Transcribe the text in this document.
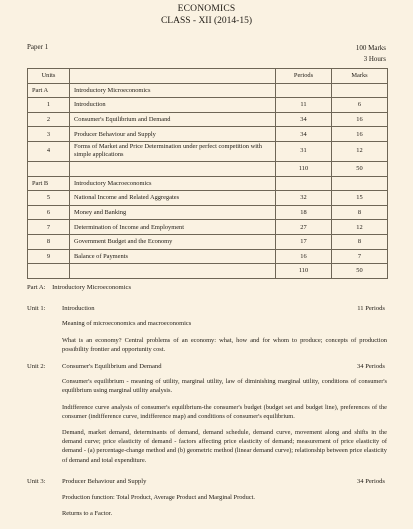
ECONOMICS
CLASS - XII (2014-15)
Paper 1	100 Marks
3 Hours
Units		Periods	Marks
Part A	Introductory Microeconomics		
1	Introduction	11	6
2	Consumer's Equilibrium and Demand	34	16
3	Producer Behaviour and Supply	34	16
4	Forms of Market and Price Determination under perfect competition with simple applications	31	12
		110	50
Part B	Introductory Macroeconomics		
5	National Income and Related Aggregates	32	15
6	Money and Banking	18	8
7	Determination of Income and Employment	27	12
8	Government Budget and the Economy	17	8
9	Balance of Payments	16	7
		110	50
Part A: Introductory Microeconomics
Unit 1:	Introduction	11 Periods
Meaning of microeconomics and macroeconomics
What is an economy? Central problems of an economy: what, how and for whom to produce; concepts of production possibility frontier and opportunity cost.
Unit 2:	Consumer's Equilibrium and Demand	34 Periods
Consumer's equilibrium - meaning of utility, marginal utility, law of diminishing marginal utility, conditions of consumer's equilibrium using marginal utility analysis.
Indifference curve analysis of consumer's equilibrium-the consumer's budget (budget set and budget line), preferences of the consumer (indifference curve, indifference map) and conditions of consumer's equilibrium.
Demand, market demand, determinants of demand, demand schedule, demand curve, movement along and shifts in the demand curve; price elasticity of demand - factors affecting price elasticity of demand; measurement of price elasticity of demand - (a) percentage-change method and (b) geometric method (linear demand curve); relationship between price elasticity of demand and total expenditure.
Unit 3:	Producer Behaviour and Supply	34 Periods
Production function: Total Product, Average Product and Marginal Product.
Returns to a Factor.
